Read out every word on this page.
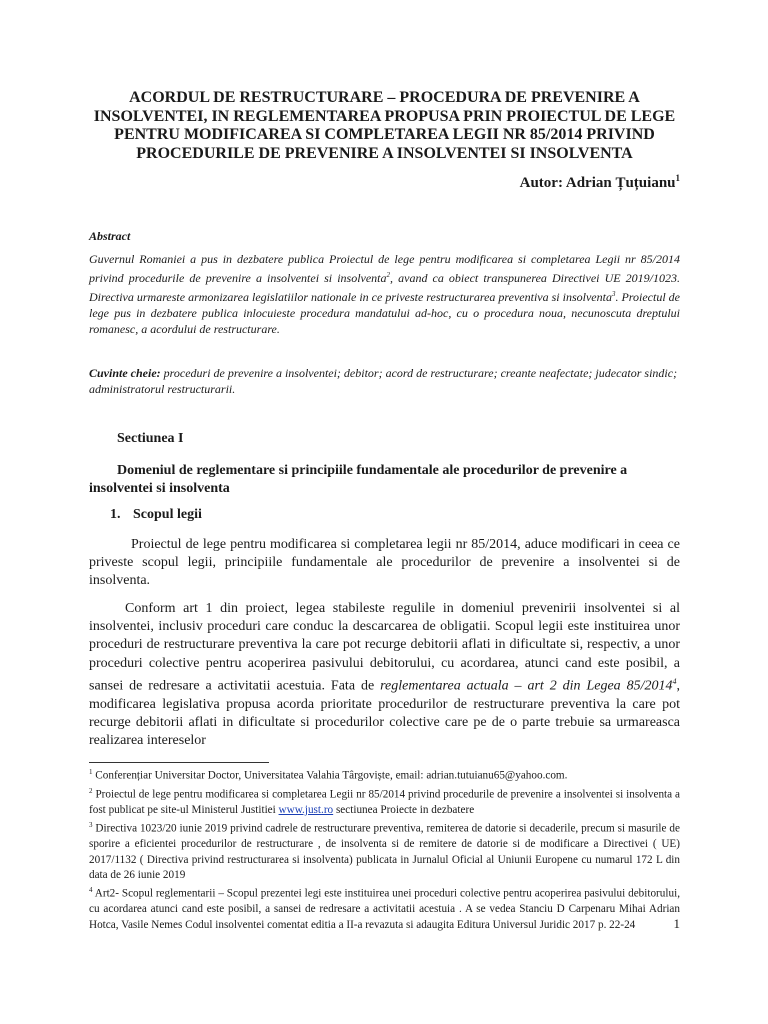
ACORDUL DE RESTRUCTURARE – PROCEDURA DE PREVENIRE A INSOLVENTEI, IN REGLEMENTAREA PROPUSA PRIN PROIECTUL DE LEGE PENTRU MODIFICAREA SI COMPLETAREA LEGII NR 85/2014 PRIVIND PROCEDURILE DE PREVENIRE A INSOLVENTEI SI INSOLVENTA

Autor: Adrian Țuțuianu$^1$

Abstract

Guvernul Romaniei a pus in dezbatere publica Proiectul de lege pentru modificarea si completarea Legii nr 85/2014 privind procedurile de prevenire a insolventei si insolventa$^2$, avand ca obiect transpunerea Directivei UE 2019/1023. Directiva urmareste armonizarea legislatiilor nationale in ce priveste restructurarea preventiva si insolventa$^3$. Proiectul de lege pus in dezbatere publica inlocuieste procedura mandatului ad-hoc, cu o procedura noua, necunoscuta dreptului romanesc, a acordului de restructurare.

Cuvinte cheie: proceduri de prevenire a insolventei; debitor; acord de restructurare; creante neafectate; judecator sindic; administratorul restructurarii.

Sectiunea I

Domeniul de reglementare si principiile fundamentale ale procedurilor de prevenire a insolventei si insolventa

1. Scopul legii

Proiectul de lege pentru modificarea si completarea legii nr 85/2014, aduce modificari in ceea ce priveste scopul legii, principiile fundamentale ale procedurilor de prevenire a insolventei si de insolventa.

Conform art 1 din proiect, legea stabileste regulile in domeniul prevenirii insolventei si al insolventei, inclusiv proceduri care conduc la descarcarea de obligatii. Scopul legii este instituirea unor proceduri de restructurare preventiva la care pot recurge debitorii aflati in dificultate si, respectiv, a unor proceduri colective pentru acoperirea pasivului debitorului, cu acordarea, atunci cand este posibil, a sansei de redresare a activitatii acestuia. Fata de reglementarea actuala – art 2 din Legea 85/2014$^4$, modificarea legislativa propusa acorda prioritate procedurilor de restructurare preventiva la care pot recurge debitorii aflati in dificultate si procedurilor colective care pe de o parte trebuie sa urmareasca realizarea intereselor

$^1$ Conferențiar Universitar Doctor, Universitatea Valahia Târgoviște, email: adrian.tutuianu65@yahoo.com.

$^2$ Proiectul de lege pentru modificarea si completarea Legii nr 85/2014 privind procedurile de prevenire a insolventei si insolventa a fost publicat pe site-ul Ministerul Justitiei www.just.ro sectiunea Proiecte in dezbatere

$^3$ Directiva 1023/20 iunie 2019 privind cadrele de restructurare preventiva, remiterea de datorie si decaderile, precum si masurile de sporire a eficientei procedurilor de restructurare , de insolventa si de remitere de datorie si de modificare a Directivei ( UE) 2017/1132 ( Directiva privind restructurarea si insolventa) publicata in Jurnalul Oficial al Uniunii Europene cu numarul 172 L din data de 26 iunie 2019

$^4$ Art2- Scopul reglementarii – Scopul prezentei legi este instituirea unei proceduri colective pentru acoperirea pasivului debitorului, cu acordarea atunci cand este posibil, a sansei de redresare a activitatii acestuia . A se vedea Stanciu D Carpenaru Mihai Adrian Hotca, Vasile Nemes Codul insolventei comentat editia a II-a revazuta si adaugita Editura Universul Juridic 2017 p. 22-24	1
